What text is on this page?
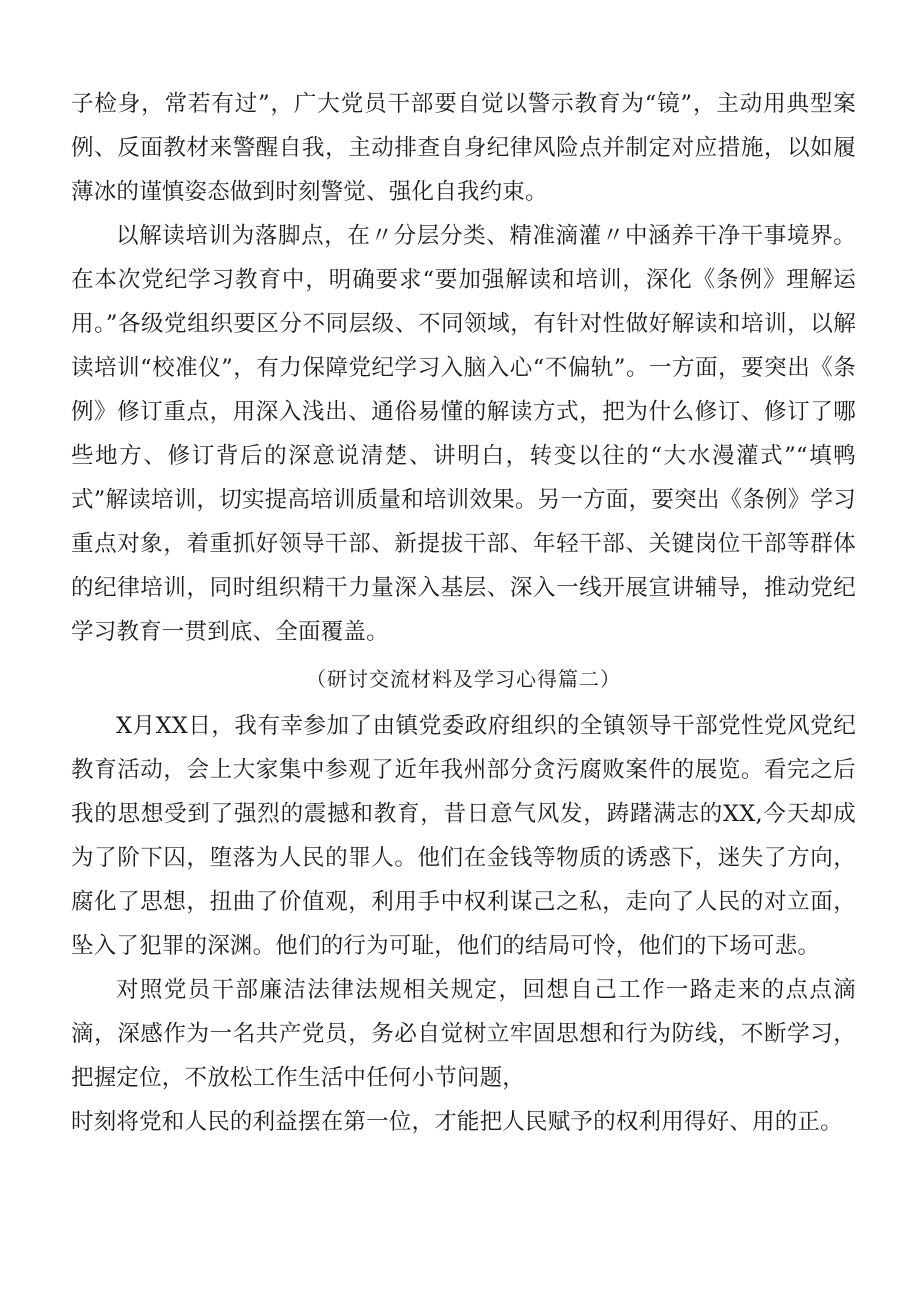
子检身，常若有过”，广大党员干部要自觉以警示教育为“镜”，主动用典型案例、反面教材来警醒自我，主动排查自身纪律风险点并制定对应措施，以如履薄冰的谨慎姿态做到时刻警觉、强化自我约束。

以解读培训为落脚点，在〃分层分类、精准滴灌〃中涵养干净干事境界。在本次党纪学习教育中，明确要求“要加强解读和培训，深化《条例》理解运用。”各级党组织要区分不同层级、不同领域，有针对性做好解读和培训，以解读培训“校准仪”，有力保障党纪学习入脑入心“不偏轨”。一方面，要突出《条例》修订重点，用深入浅出、通俗易懂的解读方式，把为什么修订、修订了哪些地方、修订背后的深意说清楚、讲明白，转变以往的“大水漫灌式”“填鸭式”解读培训，切实提高培训质量和培训效果。另一方面，要突出《条例》学习重点对象，着重抓好领导干部、新提拔干部、年轻干部、关键岗位干部等群体的纪律培训，同时组织精干力量深入基层、深入一线开展宣讲辅导，推动党纪学习教育一贯到底、全面覆盖。

（研讨交流材料及学习心得篇二）

X月XX日，我有幸参加了由镇党委政府组织的全镇领导干部党性党风党纪教育活动，会上大家集中参观了近年我州部分贪污腐败案件的展览。看完之后我的思想受到了强烈的震撼和教育，昔日意气风发，踌躇满志的XX,今天却成为了阶下囚，堕落为人民的罪人。他们在金钱等物质的诱惑下，迷失了方向，腐化了思想，扭曲了价值观，利用手中权利谋己之私，走向了人民的对立面，坠入了犯罪的深渊。他们的行为可耻，他们的结局可怜，他们的下场可悲。

对照党员干部廉洁法律法规相关规定，回想自己工作一路走来的点点滴滴，深感作为一名共产党员，务必自觉树立牢固思想和行为防线，不断学习，把握定位，不放松工作生活中任何小节问题，

时刻将党和人民的利益摆在第一位，才能把人民赋予的权利用得好、用的正。
